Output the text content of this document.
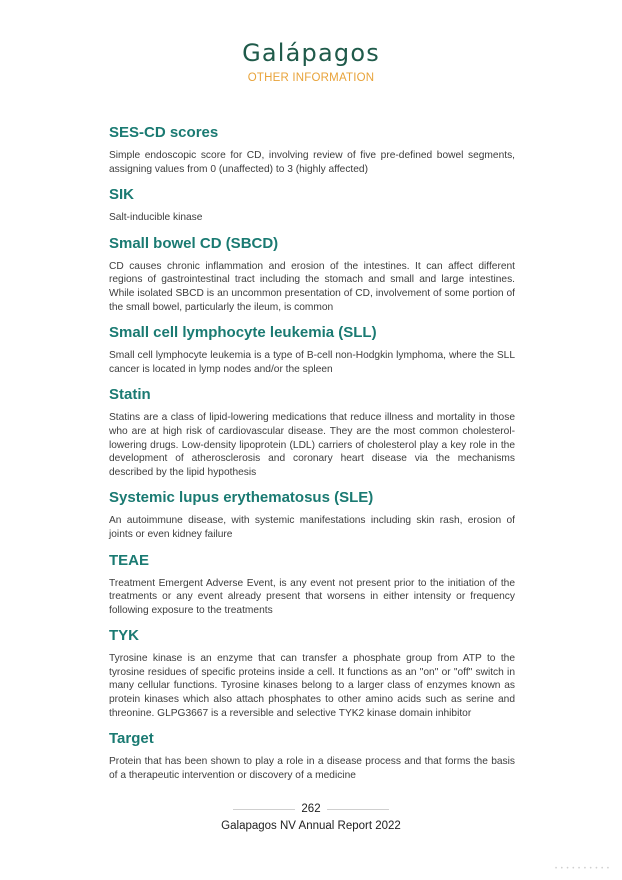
Galápagos
OTHER INFORMATION
SES-CD scores

Simple endoscopic score for CD, involving review of five pre-defined bowel segments, assigning values from 0 (unaffected) to 3 (highly affected)

SIK

Salt-inducible kinase

Small bowel CD (SBCD)

CD causes chronic inflammation and erosion of the intestines. It can affect different regions of gastrointestinal tract including the stomach and small and large intestines. While isolated SBCD is an uncommon presentation of CD, involvement of some portion of the small bowel, particularly the ileum, is common

Small cell lymphocyte leukemia (SLL)

Small cell lymphocyte leukemia is a type of B-cell non-Hodgkin lymphoma, where the SLL cancer is located in lymp nodes and/or the spleen

Statin

Statins are a class of lipid-lowering medications that reduce illness and mortality in those who are at high risk of cardiovascular disease. They are the most common cholesterol-lowering drugs. Low-density lipoprotein (LDL) carriers of cholesterol play a key role in the development of atherosclerosis and coronary heart disease via the mechanisms described by the lipid hypothesis

Systemic lupus erythematosus (SLE)

An autoimmune disease, with systemic manifestations including skin rash, erosion of joints or even kidney failure

TEAE

Treatment Emergent Adverse Event, is any event not present prior to the initiation of the treatments or any event already present that worsens in either intensity or frequency following exposure to the treatments

TYK

Tyrosine kinase is an enzyme that can transfer a phosphate group from ATP to the tyrosine residues of specific proteins inside a cell. It functions as an "on" or "off" switch in many cellular functions. Tyrosine kinases belong to a larger class of enzymes known as protein kinases which also attach phosphates to other amino acids such as serine and threonine. GLPG3667 is a reversible and selective TYK2 kinase domain inhibitor

Target

Protein that has been shown to play a role in a disease process and that forms the basis of a therapeutic intervention or discovery of a medicine

262
Galapagos NV Annual Report 2022
• • • • • • • • • •
